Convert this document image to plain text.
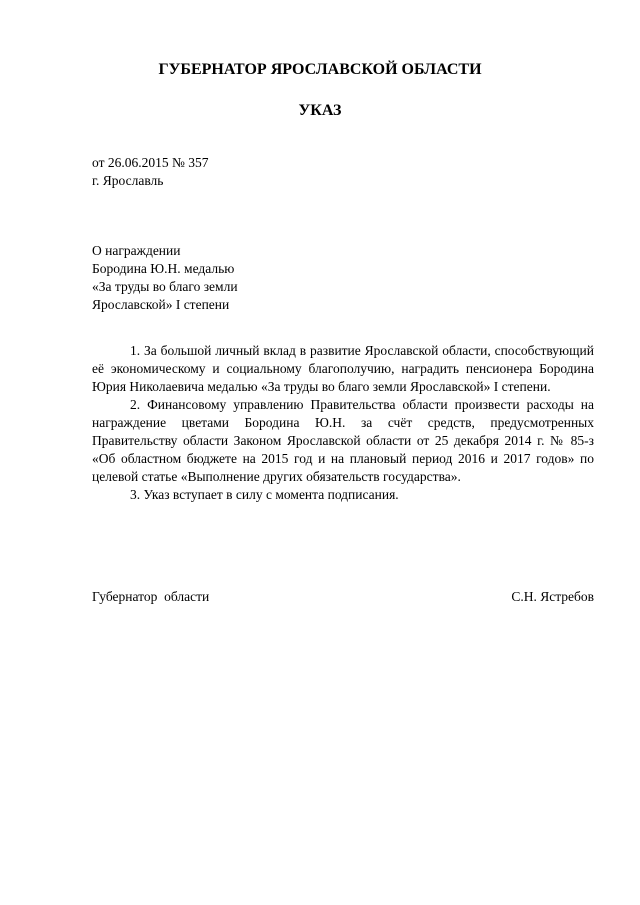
ГУБЕРНАТОР ЯРОСЛАВСКОЙ ОБЛАСТИ
УКАЗ

от 26.06.2015 № 357

г. Ярославль

О награждении

Бородина Ю.Н. медалью

«За труды во благо земли

Ярославской» I степени

1. За большой личный вклад в развитие Ярославской области, способствующий её экономическому и социальному благополучию, наградить пенсионера Бородина Юрия Николаевича медалью «За труды во благо земли Ярославской» I степени.

2. Финансовому управлению Правительства области произвести расходы на награждение цветами Бородина Ю.Н. за счёт средств, предусмотренных Правительству области Законом Ярославской области от 25 декабря 2014 г. № 85-з «Об областном бюджете на 2015 год и на плановый период 2016 и 2017 годов» по целевой статье «Выполнение других обязательств государства».

3. Указ вступает в силу с момента подписания.

Губернатор  области	С.Н. Ястребов
